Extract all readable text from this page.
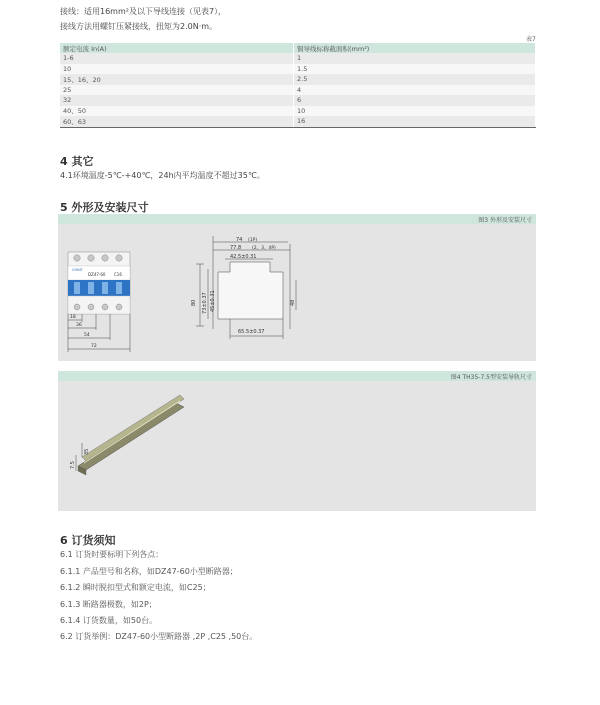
接线：适用16mm²及以下导线连接（见表7），
接线方法用螺钉压紧接线，扭矩为2.0N·m。
表7
额定电流 In(A)	铜导线标称截面积(mm²)
1-6	1
10	1.5
15、16、20	2.5
25	4
32	6
40、50	10
60、63	16
4 其它
4.1环境温度-5℃-+40℃，24h内平均温度不超过35℃。
5 外形及安装尺寸
图3 外形及安装尺寸
CHINT
DZ47-60 C16
18
36
54
72
74 (1P)
77.8 (2、3、4P)
42.5±0.31
65.5±0.37
80 73±0.37 45±0.31	48
图4 TH35-7.5型安装导轨尺寸
7.5
35
6 订货须知
6.1 订货时要标明下列各点：
6.1.1 产品型号和名称，如DZ47-60小型断路器；
6.1.2 瞬时脱扣型式和额定电流，如C25；
6.1.3 断路器极数，如2P；
6.1.4 订货数量，如50台。
6.2 订货举例：DZ47-60小型断路器 ,2P ,C25 ,50台。
